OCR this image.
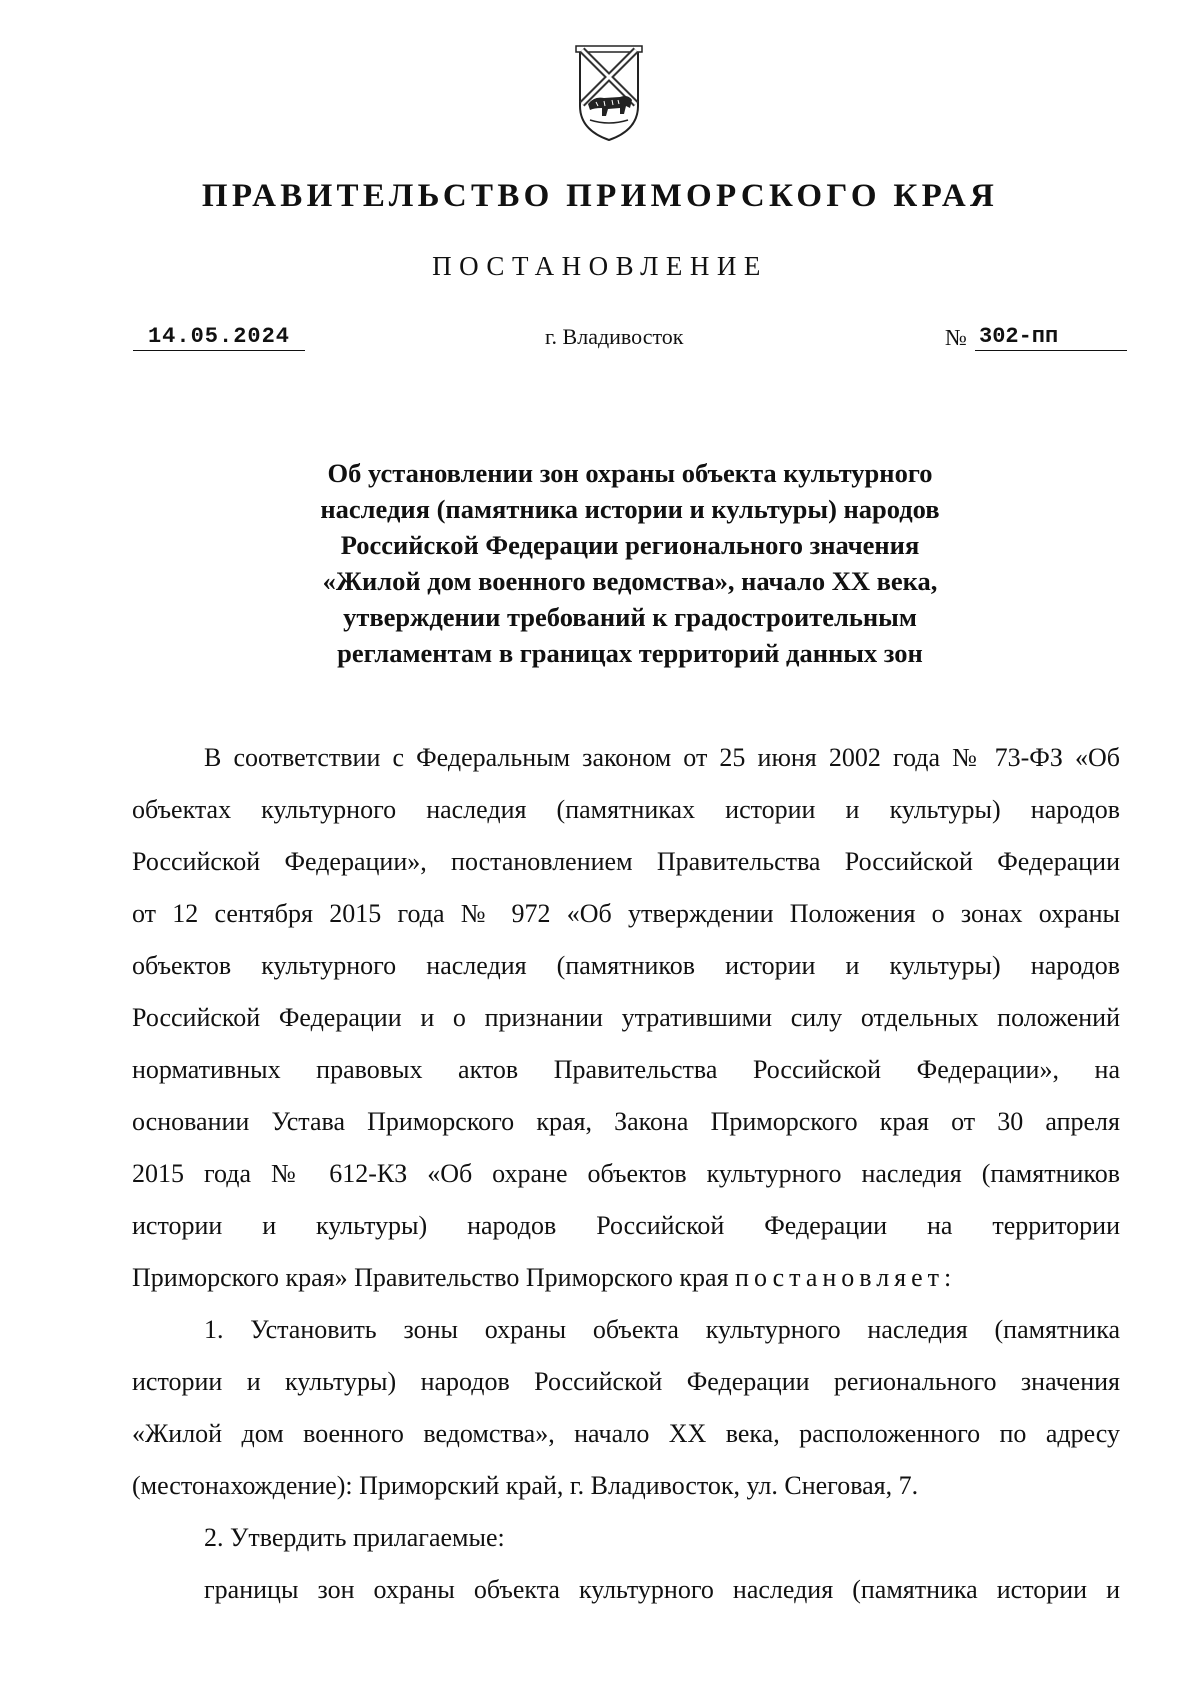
ПРАВИТЕЛЬСТВО ПРИМОРСКОГО КРАЯ
ПОСТАНОВЛЕНИЕ
14.05.2024	г. Владивосток	№ 302-пп
Об установлении зон охраны объекта культурного
наследия (памятника истории и культуры) народов
Российской Федерации регионального значения
«Жилой дом военного ведомства», начало XX века,
утверждении требований к градостроительным
регламентам в границах территорий данных зон
В соответствии с Федеральным законом от 25 июня 2002 года № 73-ФЗ «Об
объектах культурного наследия (памятниках истории и культуры) народов
Российской Федерации», постановлением Правительства Российской Федерации
от 12 сентября 2015 года № 972 «Об утверждении Положения о зонах охраны
объектов культурного наследия (памятников истории и культуры) народов
Российской Федерации и о признании утратившими силу отдельных положений
нормативных правовых актов Правительства Российской Федерации», на
основании Устава Приморского края, Закона Приморского края от 30 апреля
2015 года № 612-КЗ «Об охране объектов культурного наследия (памятников
истории и культуры) народов Российской Федерации на территории
Приморского края» Правительство Приморского края постановляет:
1. Установить зоны охраны объекта культурного наследия (памятника
истории и культуры) народов Российской Федерации регионального значения
«Жилой дом военного ведомства», начало XX века, расположенного по адресу
(местонахождение): Приморский край, г. Владивосток, ул. Снеговая, 7.
2. Утвердить прилагаемые:
границы зон охраны объекта культурного наследия (памятника истории и
